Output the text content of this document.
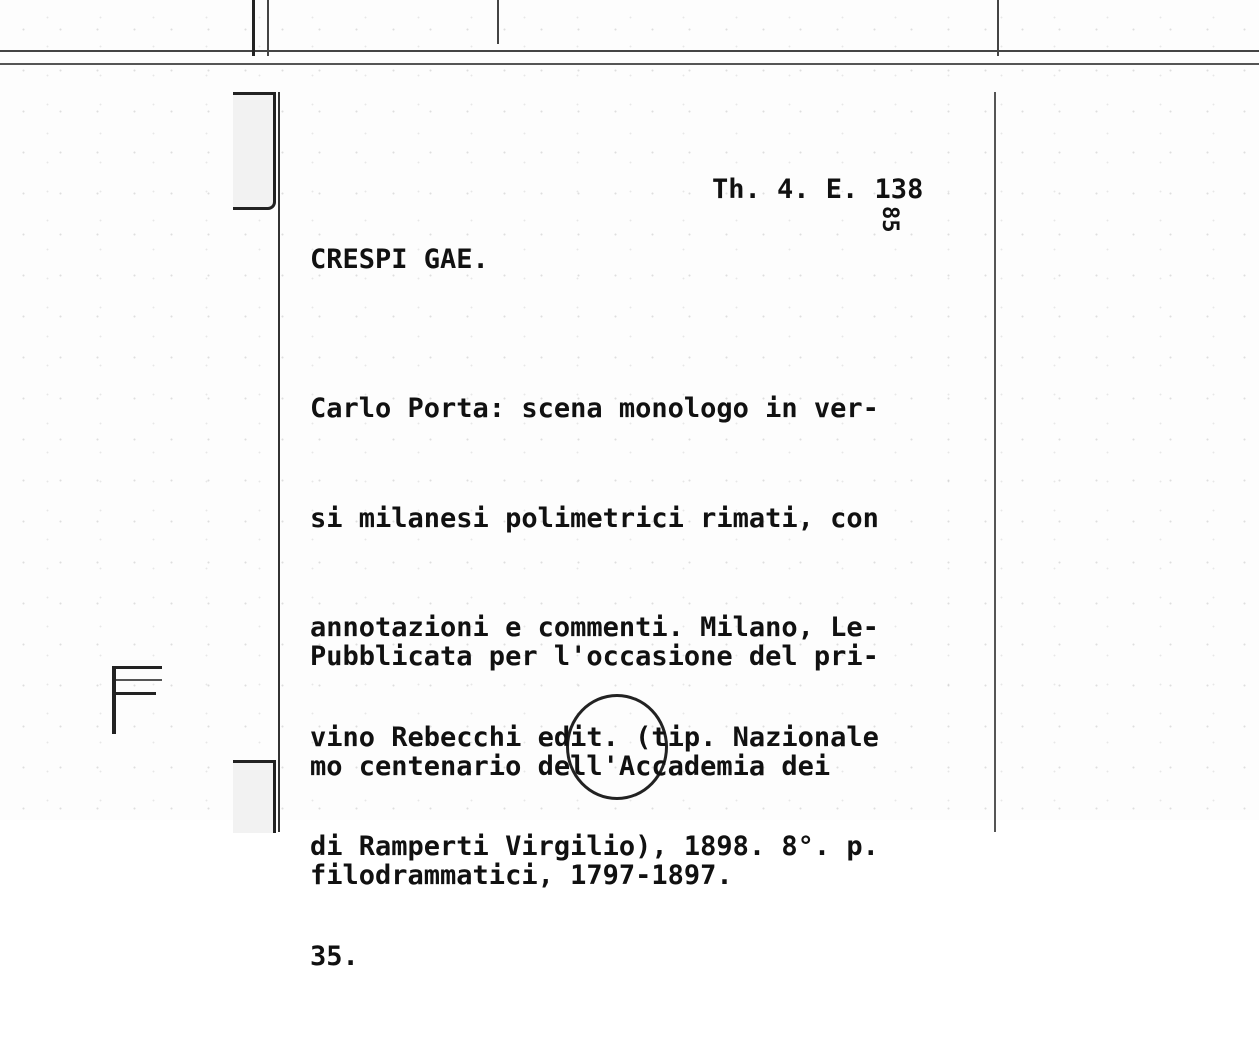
Th. 4. E. 138
85
CRESPI GAE.

Carlo Porta: scena monologo in ver-

si milanesi polimetrici rimati, con

annotazioni e commenti. Milano, Le-

vino Rebecchi edit. (tip. Nazionale

di Ramperti Virgilio), 1898. 8°. p.

35.

Pubblicata per l'occasione del pri-

mo centenario dell'Accademia dei

filodrammatici, 1797-1897.
